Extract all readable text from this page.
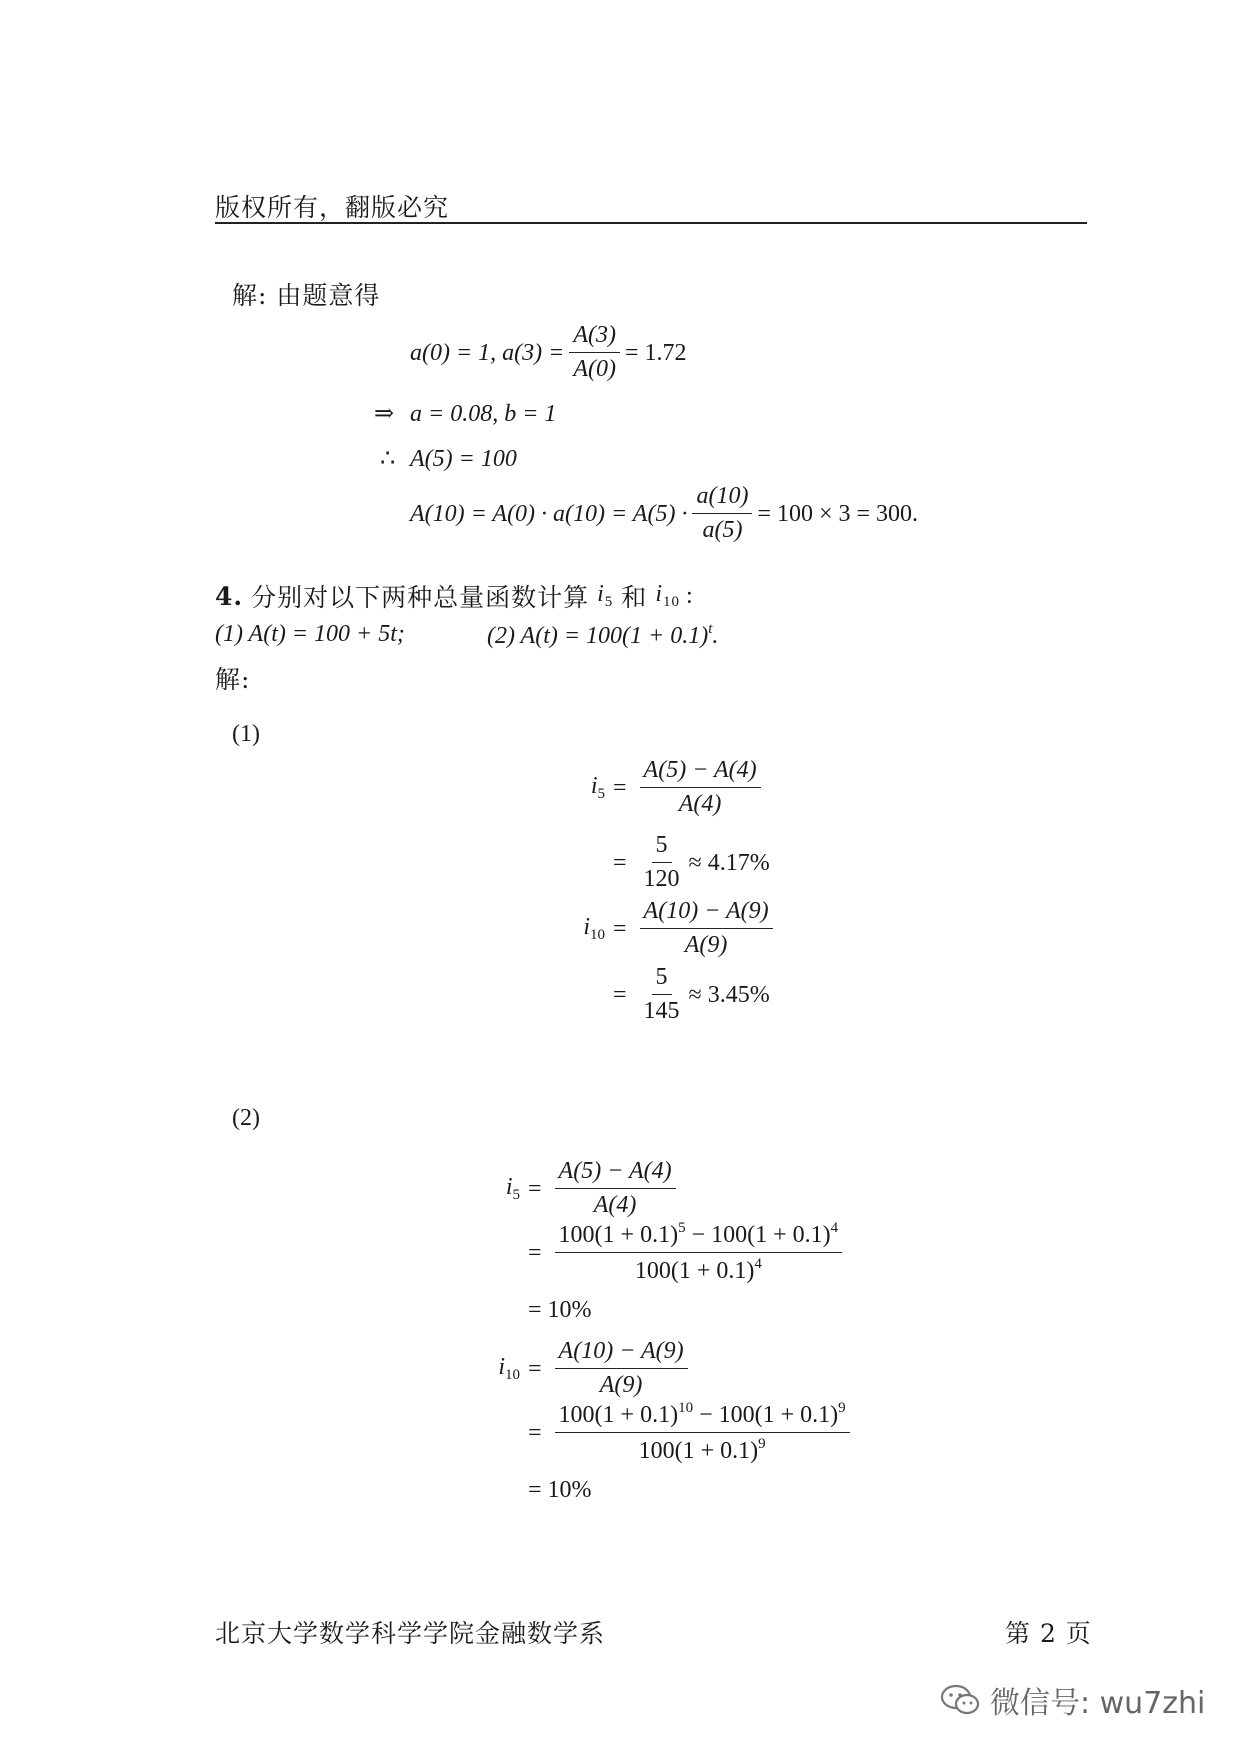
版权所有，翻版必究
解: 由题意得
a(0) = 1, $a(3) = \frac{A(3)}{A(0)} = 1.72$
⇒ a = 0.08, b = 1
∴ A(5) = 100
$A(10) = A(0) \cdot a(10) = A(5) \cdot \frac{a(10)}{a(5)} = 100 \times 3 = 300$.
4. 分别对以下两种总量函数计算 $i_5$ 和 $i_{10}$ :
(1) A(t) = 100 + 5t;	(2) $A(t) = 100(1 + 0.1)^t$.
解:
(1)
$i_5 = \frac{A(5) - A(4)}{A(4)}$
= $\frac{5}{120} \approx 4.17\%$
$i_{10} = \frac{A(10) - A(9)}{A(9)}$
= $\frac{5}{145} \approx 3.45\%$
(2)
$i_5 = \frac{A(5) - A(4)}{A(4)}$
= $\frac{100(1 + 0.1)^5 - 100(1 + 0.1)^4}{100(1 + 0.1)^4}$
= 10%
$i_{10} = \frac{A(10) - A(9)}{A(9)}$
= $\frac{100(1 + 0.1)^{10} - 100(1 + 0.1)^9}{100(1 + 0.1)^9}$
= 10%
北京大学数学科学学院金融数学系	第 2 页
微信号: wu7zhi
